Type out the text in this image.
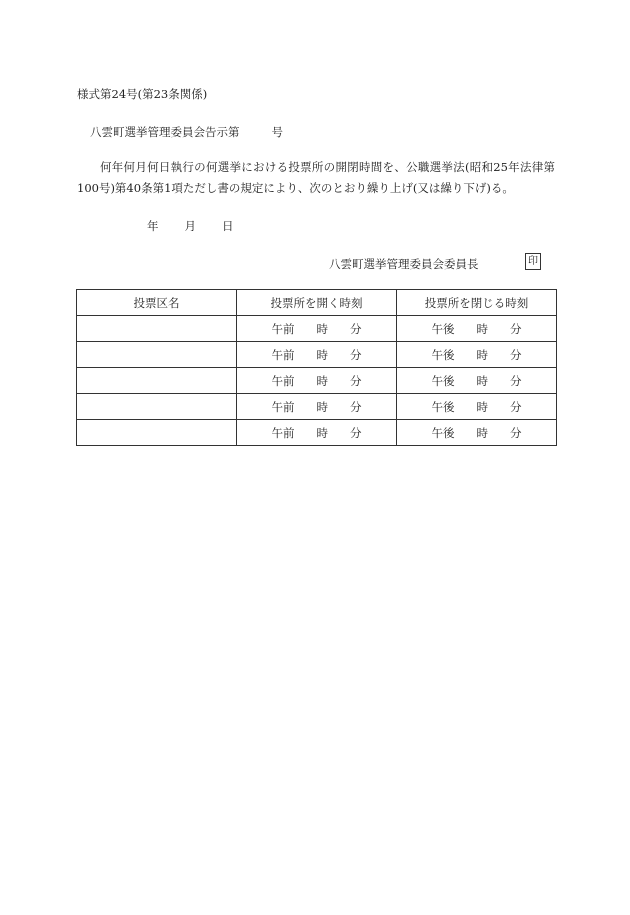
様式第24号(第23条関係)
八雲町選挙管理委員会告示第	号
何年何月何日執行の何選挙における投票所の開閉時間を、公職選挙法(昭和25年法律第100号)第40条第1項ただし書の規定により、次のとおり繰り上げ(又は繰り下げ)る。
年 月 日
八雲町選挙管理委員会委員長	印
投票区名	投票所を開く時刻	投票所を閉じる時刻
	午前 時 分	午後 時 分
	午前 時 分	午後 時 分
	午前 時 分	午後 時 分
	午前 時 分	午後 時 分
	午前 時 分	午後 時 分
